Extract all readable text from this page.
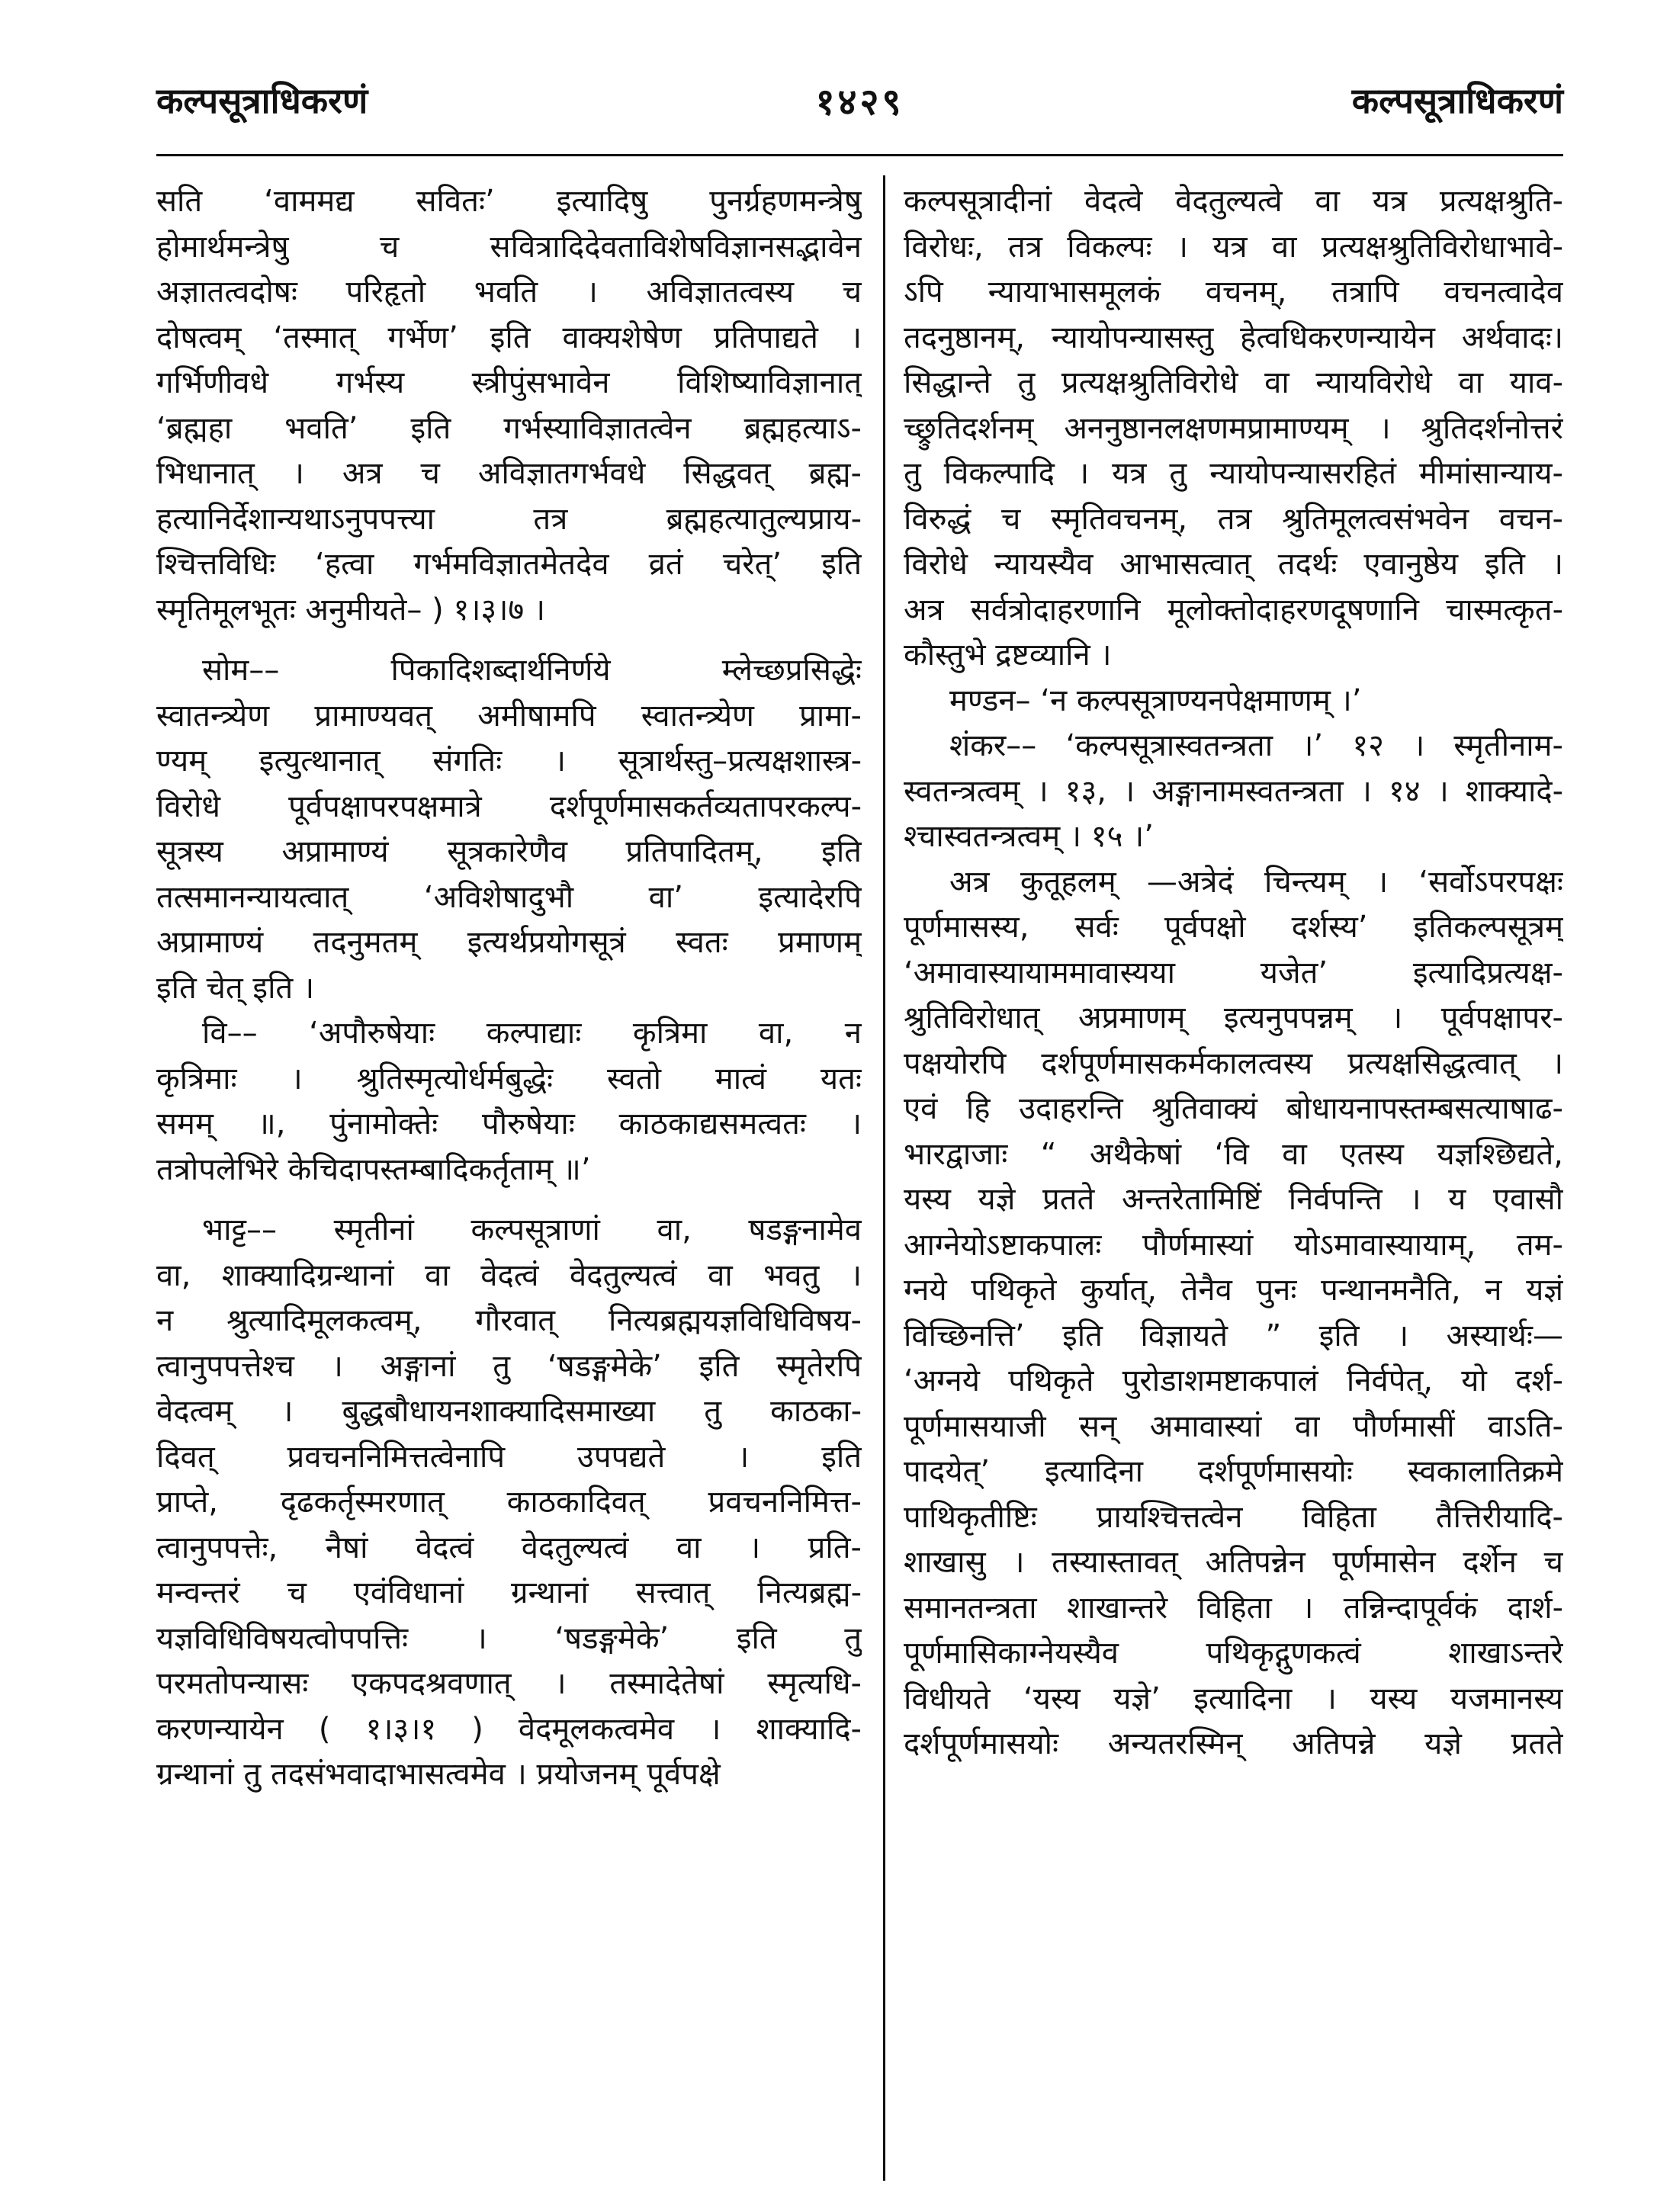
कल्पसूत्राधिकरणं	१४२९	कल्पसूत्राधिकरणं
सति ‘वाममद्य सवितः’ इत्यादिषु पुनर्ग्रहणमन्त्रेषु
होमार्थमन्त्रेषु च सवित्रादिदेवताविशेषविज्ञानसद्भावेन
अज्ञातत्वदोषः परिहृतो भवति । अविज्ञातत्वस्य च
दोषत्वम् ‘तस्मात् गर्भेण’ इति वाक्यशेषेण प्रतिपाद्यते ।
गर्भिणीवधे गर्भस्य स्त्रीपुंसभावेन विशिष्याविज्ञानात्
‘ब्रह्महा भवति’ इति गर्भस्याविज्ञातत्वेन ब्रह्महत्याऽ-
भिधानात् । अत्र च अविज्ञातगर्भवधे सिद्धवत् ब्रह्म-
हत्यानिर्देशान्यथाऽनुपपत्त्या तत्र ब्रह्महत्यातुल्यप्राय-
श्चित्तविधिः ‘हत्वा गर्भमविज्ञातमेतदेव व्रतं चरेत्’ इति
स्मृतिमूलभूतः अनुमीयते– ) १।३।७ ।
सोम–– पिकादिशब्दार्थनिर्णये म्लेच्छप्रसिद्धेः
स्वातन्त्र्येण प्रामाण्यवत् अमीषामपि स्वातन्त्र्येण प्रामा-
ण्यम् इत्युत्थानात् संगतिः । सूत्रार्थस्तु–प्रत्यक्षशास्त्र-
विरोधे पूर्वपक्षापरपक्षमात्रे दर्शपूर्णमासकर्तव्यतापरकल्प-
सूत्रस्य अप्रामाण्यं सूत्रकारेणैव प्रतिपादितम्, इति
तत्समानन्यायत्वात् ‘अविशेषादुभौ वा’ इत्यादेरपि
अप्रामाण्यं तदनुमतम् इत्यर्थप्रयोगसूत्रं स्वतः प्रमाणम्
इति चेत् इति ।
वि–– ‘अपौरुषेयाः कल्पाद्याः कृत्रिमा वा, न
कृत्रिमाः । श्रुतिस्मृत्योर्धर्मबुद्धेः स्वतो मात्वं यतः
समम् ॥, पुंनामोक्तेः पौरुषेयाः काठकाद्यसमत्वतः ।
तत्रोपलेभिरे केचिदापस्तम्बादिकर्तृताम् ॥’
भाट्ट–– स्मृतीनां कल्पसूत्राणां वा, षडङ्गनामेव
वा, शाक्यादिग्रन्थानां वा वेदत्वं वेदतुल्यत्वं वा भवतु ।
न श्रुत्यादिमूलकत्वम्, गौरवात् नित्यब्रह्मयज्ञविधिविषय-
त्वानुपपत्तेश्च । अङ्गानां तु ‘षडङ्गमेके’ इति स्मृतेरपि
वेदत्वम् । बुद्धबौधायनशाक्यादिसमाख्या तु काठका-
दिवत् प्रवचननिमित्तत्वेनापि उपपद्यते । इति
प्राप्ते, दृढकर्तृस्मरणात् काठकादिवत् प्रवचननिमित्त-
त्वानुपपत्तेः, नैषां वेदत्वं वेदतुल्यत्वं वा । प्रति-
मन्वन्तरं च एवंविधानां ग्रन्थानां सत्त्वात् नित्यब्रह्म-
यज्ञविधिविषयत्वोपपत्तिः । ‘षडङ्गमेके’ इति तु
परमतोपन्यासः एकपदश्रवणात् । तस्मादेतेषां स्मृत्यधि-
करणन्यायेन ( १।३।१ ) वेदमूलकत्वमेव । शाक्यादि-
ग्रन्थानां तु तदसंभवादाभासत्वमेव । प्रयोजनम् पूर्वपक्षे
कल्पसूत्रादीनां वेदत्वे वेदतुल्यत्वे वा यत्र प्रत्यक्षश्रुति-
विरोधः, तत्र विकल्पः । यत्र वा प्रत्यक्षश्रुतिविरोधाभावे-
ऽपि न्यायाभासमूलकं वचनम्, तत्रापि वचनत्वादेव
तदनुष्ठानम्, न्यायोपन्यासस्तु हेत्वधिकरणन्यायेन अर्थवादः।
सिद्धान्ते तु प्रत्यक्षश्रुतिविरोधे वा न्यायविरोधे वा याव-
च्छ्रुतिदर्शनम् अननुष्ठानलक्षणमप्रामाण्यम् । श्रुतिदर्शनोत्तरं
तु विकल्पादि । यत्र तु न्यायोपन्यासरहितं मीमांसान्याय-
विरुद्धं च स्मृतिवचनम्, तत्र श्रुतिमूलत्वसंभवेन वचन-
विरोधे न्यायस्यैव आभासत्वात् तदर्थः एवानुष्ठेय इति ।
अत्र सर्वत्रोदाहरणानि मूलोक्तोदाहरणदूषणानि चास्मत्कृत-
कौस्तुभे द्रष्टव्यानि ।
मण्डन– ‘न कल्पसूत्राण्यनपेक्षमाणम् ।’
शंकर–– ‘कल्पसूत्रास्वतन्त्रता ।’ १२ । स्मृतीनाम-
स्वतन्त्रत्वम् । १३, । अङ्गानामस्वतन्त्रता । १४ । शाक्यादे-
श्चास्वतन्त्रत्वम् । १५ ।’
अत्र कुतूहलम् —अत्रेदं चिन्त्यम् । ‘सर्वोऽपरपक्षः
पूर्णमासस्य, सर्वः पूर्वपक्षो दर्शस्य’ इतिकल्पसूत्रम्
‘अमावास्यायाममावास्यया यजेत’ इत्यादिप्रत्यक्ष-
श्रुतिविरोधात् अप्रमाणम् इत्यनुपपन्नम् । पूर्वपक्षापर-
पक्षयोरपि दर्शपूर्णमासकर्मकालत्वस्य प्रत्यक्षसिद्धत्वात् ।
एवं हि उदाहरन्ति श्रुतिवाक्यं बोधायनापस्तम्बसत्याषाढ-
भारद्वाजाः “ अथैकेषां ‘वि वा एतस्य यज्ञश्छिद्यते,
यस्य यज्ञे प्रतते अन्तरेतामिष्टिं निर्वपन्ति । य एवासौ
आग्नेयोऽष्टाकपालः पौर्णमास्यां योऽमावास्यायाम्, तम-
ग्नये पथिकृते कुर्यात्, तेनैव पुनः पन्थानमनैति, न यज्ञं
विच्छिनत्ति’ इति विज्ञायते ” इति । अस्यार्थः—
‘अग्नये पथिकृते पुरोडाशमष्टाकपालं निर्वपेत्, यो दर्श-
पूर्णमासयाजी सन् अमावास्यां वा पौर्णमासीं वाऽति-
पादयेत्’ इत्यादिना दर्शपूर्णमासयोः स्वकालातिक्रमे
पाथिकृतीष्टिः प्रायश्चित्तत्वेन विहिता तैत्तिरीयादि-
शाखासु । तस्यास्तावत् अतिपन्नेन पूर्णमासेन दर्शेन च
समानतन्त्रता शाखान्तरे विहिता । तन्निन्दापूर्वकं दार्श-
पूर्णमासिकाग्नेयस्यैव पथिकृद्गुणकत्वं शाखाऽन्तरे
विधीयते ‘यस्य यज्ञे’ इत्यादिना । यस्य यजमानस्य
दर्शपूर्णमासयोः अन्यतरस्मिन् अतिपन्ने यज्ञे प्रतते
